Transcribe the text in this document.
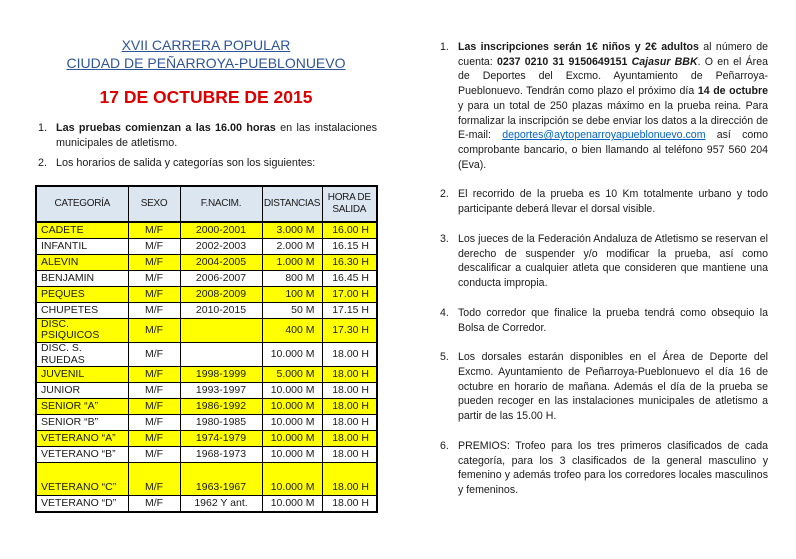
XVII CARRERA POPULAR
CIUDAD DE PEÑARROYA-PUEBLONUEVO
17 DE OCTUBRE DE 2015
1. Las pruebas comienzan a las 16.00 horas en las instalaciones municipales de atletismo.
2. Los horarios de salida y categorías son los siguientes:
CATEGORÍA	SEXO	F.NACIM.	DISTANCIAS	HORA DE SALIDA
CADETE	M/F	2000-2001	3.000 M	16.00 H
INFANTIL	M/F	2002-2003	2.000 M	16.15 H
ALEVIN	M/F	2004-2005	1.000 M	16.30 H
BENJAMIN	M/F	2006-2007	800 M	16.45 H
PEQUES	M/F	2008-2009	100 M	17.00 H
CHUPETES	M/F	2010-2015	50 M	17.15 H
DISC. PSIQUICOS	M/F		400 M	17.30 H
DISC. S. RUEDAS	M/F		10.000 M	18.00 H
JUVENIL	M/F	1998-1999	5.000 M	18.00 H
JUNIOR	M/F	1993-1997	10.000 M	18.00 H
SENIOR “A”	M/F	1986-1992	10.000 M	18.00 H
SENIOR “B”	M/F	1980-1985	10.000 M	18.00 H
VETERANO “A”	M/F	1974-1979	10.000 M	18.00 H
VETERANO “B”	M/F	1968-1973	10.000 M	18.00 H
VETERANO “C”	M/F	1963-1967	10.000 M	18.00 H
VETERANO “D”	M/F	1962 Y ant.	10.000 M	18.00 H
1. Las inscripciones serán 1€ niños y 2€ adultos al número de cuenta: 0237 0210 31 9150649151 Cajasur BBK. O en el Área de Deportes del Excmo. Ayuntamiento de Peñarroya-Pueblonuevo. Tendrán como plazo el próximo día 14 de octubre y para un total de 250 plazas máximo en la prueba reina. Para formalizar la inscripción se debe enviar los datos a la dirección de E-mail: deportes@aytopenarroyapueblonuevo.com así como comprobante bancario, o bien llamando al teléfono 957 560 204 (Eva).
2. El recorrido de la prueba es 10 Km totalmente urbano y todo participante deberá llevar el dorsal visible.
3. Los jueces de la Federación Andaluza de Atletismo se reservan el derecho de suspender y/o modificar la prueba, así como descalificar a cualquier atleta que consideren que mantiene una conducta impropia.
4. Todo corredor que finalice la prueba tendrá como obsequio la Bolsa de Corredor.
5. Los dorsales estarán disponibles en el Área de Deporte del Excmo. Ayuntamiento de Peñarroya-Pueblonuevo el día 16 de octubre en horario de mañana. Además el día de la prueba se pueden recoger en las instalaciones municipales de atletismo a partir de las 15.00 H.
6. PREMIOS: Trofeo para los tres primeros clasificados de cada categoría, para los 3 clasificados de la general masculino y femenino y además trofeo para los corredores locales masculinos y femeninos.
